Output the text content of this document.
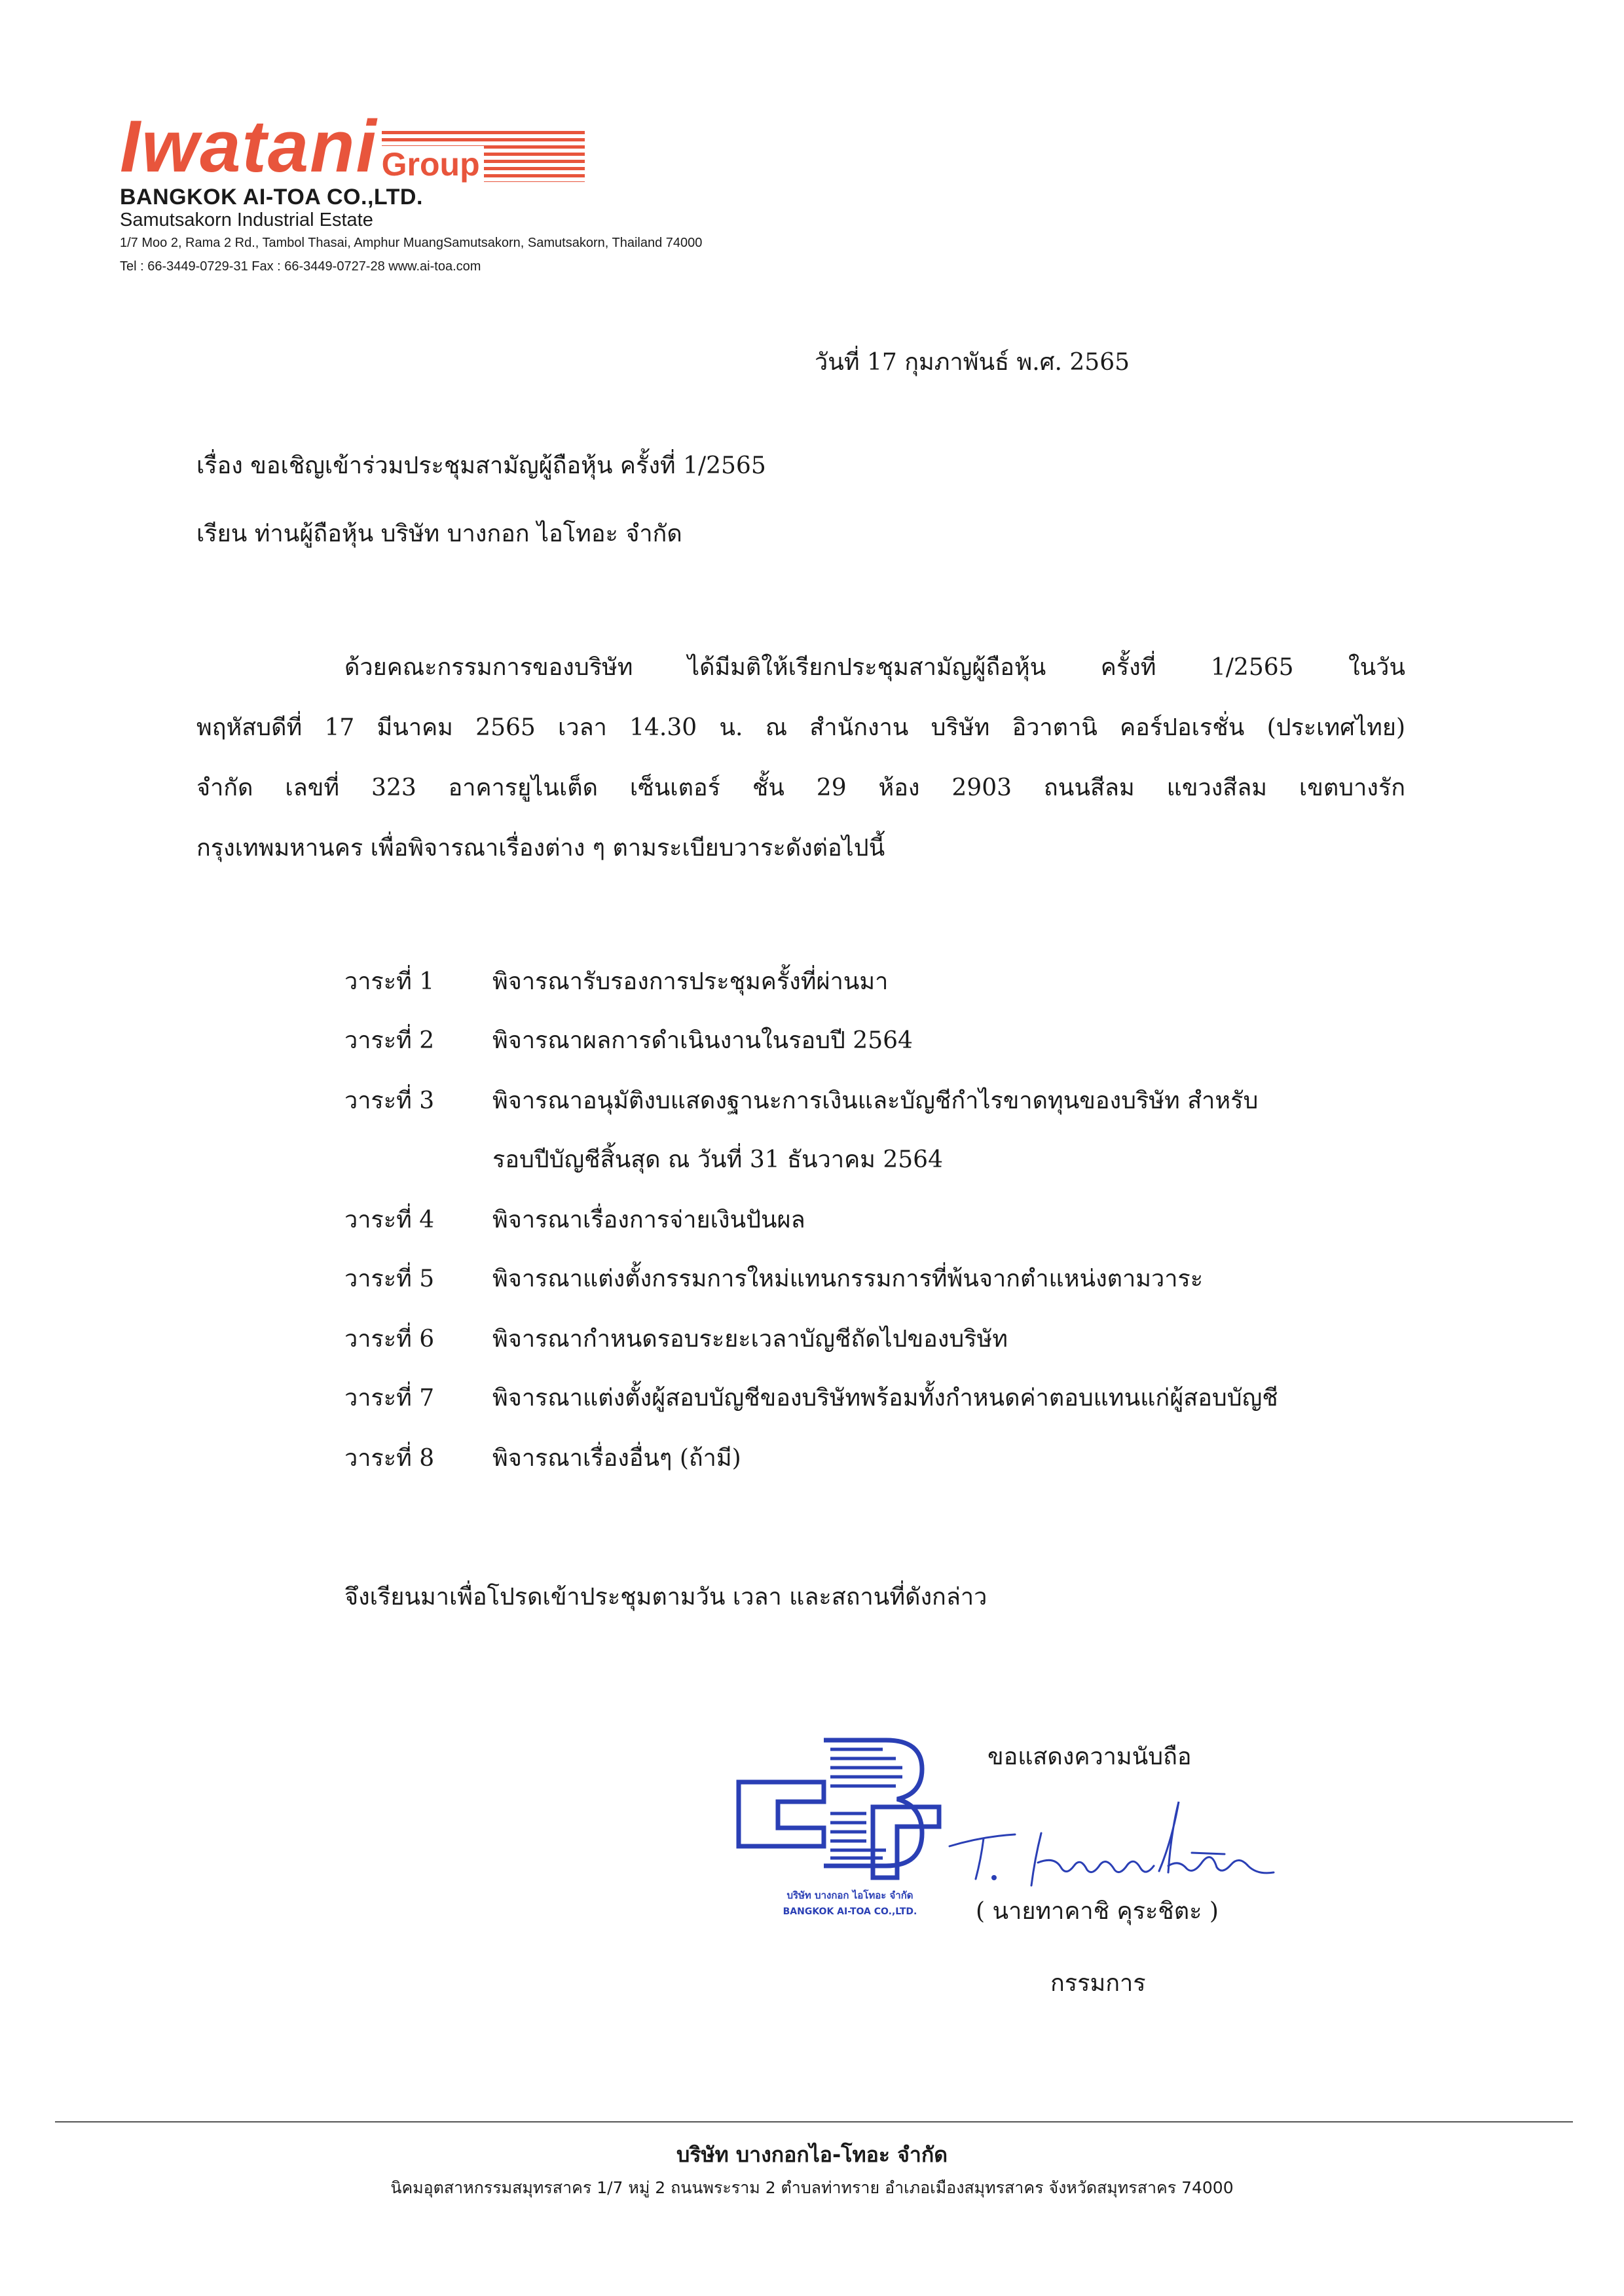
Iwatani Group
BANGKOK AI-TOA CO.,LTD.
Samutsakorn Industrial Estate
1/7 Moo 2, Rama 2 Rd., Tambol Thasai, Amphur MuangSamutsakorn, Samutsakorn, Thailand 74000
Tel : 66-3449-0729-31 Fax : 66-3449-0727-28 www.ai-toa.com
วันที่ 17 กุมภาพันธ์ พ.ศ. 2565
เรื่อง ขอเชิญเข้าร่วมประชุมสามัญผู้ถือหุ้น ครั้งที่ 1/2565
เรียน ท่านผู้ถือหุ้น บริษัท บางกอก ไอโทอะ จำกัด
ด้วยคณะกรรมการของบริษัท ได้มีมติให้เรียกประชุมสามัญผู้ถือหุ้น ครั้งที่ 1/2565 ในวัน
พฤหัสบดีที่ 17 มีนาคม 2565 เวลา 14.30 น. ณ สำนักงาน บริษัท อิวาตานิ คอร์ปอเรชั่น (ประเทศไทย)
จำกัด เลขที่ 323 อาคารยูไนเต็ด เซ็นเตอร์ ชั้น 29 ห้อง 2903 ถนนสีลม แขวงสีลม เขตบางรัก
กรุงเทพมหานคร เพื่อพิจารณาเรื่องต่าง ๆ ตามระเบียบวาระดังต่อไปนี้
วาระที่ 1 พิจารณารับรองการประชุมครั้งที่ผ่านมา
วาระที่ 2 พิจารณาผลการดำเนินงานในรอบปี 2564
วาระที่ 3 พิจารณาอนุมัติงบแสดงฐานะการเงินและบัญชีกำไรขาดทุนของบริษัท สำหรับ
รอบปีบัญชีสิ้นสุด ณ วันที่ 31 ธันวาคม 2564
วาระที่ 4 พิจารณาเรื่องการจ่ายเงินปันผล
วาระที่ 5 พิจารณาแต่งตั้งกรรมการใหม่แทนกรรมการที่พ้นจากตำแหน่งตามวาระ
วาระที่ 6 พิจารณากำหนดรอบระยะเวลาบัญชีถัดไปของบริษัท
วาระที่ 7 พิจารณาแต่งตั้งผู้สอบบัญชีของบริษัทพร้อมทั้งกำหนดค่าตอบแทนแก่ผู้สอบบัญชี
วาระที่ 8 พิจารณาเรื่องอื่นๆ (ถ้ามี)
จึงเรียนมาเพื่อโปรดเข้าประชุมตามวัน เวลา และสถานที่ดังกล่าว
ขอแสดงความนับถือ
บริษัท บางกอก ไอโทอะ จำกัด
BANGKOK AI-TOA CO.,LTD. ( นายทาคาชิ คุระชิตะ )
กรรมการ
บริษัท บางกอกไอ-โทอะ จำกัด
นิคมอุตสาหกรรมสมุทรสาคร 1/7 หมู่ 2 ถนนพระราม 2 ตำบลท่าทราย อำเภอเมืองสมุทรสาคร จังหวัดสมุทรสาคร 74000
